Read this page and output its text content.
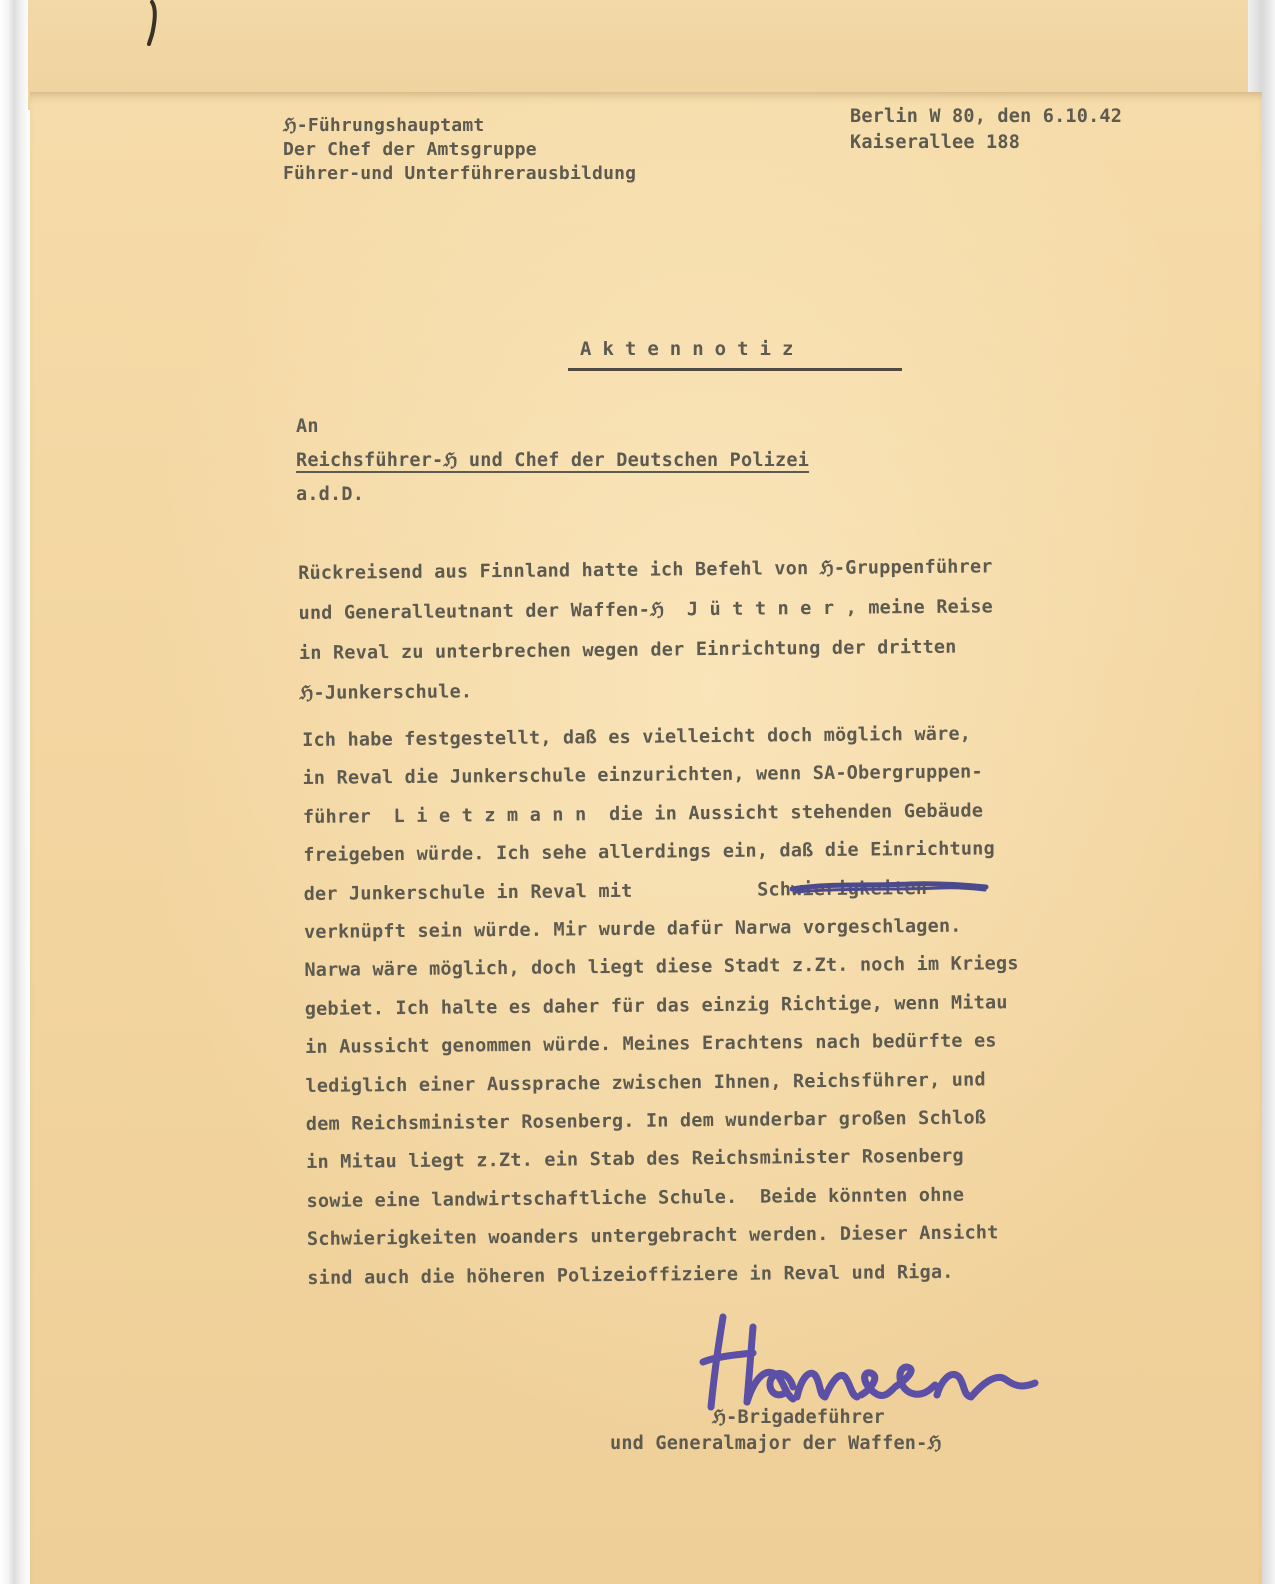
ℌ-Führungshauptamt
Der Chef der Amtsgruppe
Führer-und Unterführerausbildung
Berlin W 80, den 6.10.42
Kaiserallee 188
Aktennotiz
An
Reichsführer-ℌ und Chef der Deutschen Polizei
a.d.D.
Rückreisend aus Finnland hatte ich Befehl von ℌ-Gruppenführer
und Generalleutnant der Waffen-ℌ  J ü t t n e r , meine Reise
in Reval zu unterbrechen wegen der Einrichtung der dritten
ℌ-Junkerschule.
Ich habe festgestellt, daß es vielleicht doch möglich wäre,
in Reval die Junkerschule einzurichten, wenn SA-Obergruppen-
führer  L i e t z m a n n  die in Aussicht stehenden Gebäude
freigeben würde. Ich sehe allerdings ein, daß die Einrichtung
der Junkerschule in Reval mit           Schwierigkeiten
verknüpft sein würde. Mir wurde dafür Narwa vorgeschlagen.
Narwa wäre möglich, doch liegt diese Stadt z.Zt. noch im Kriegs
gebiet. Ich halte es daher für das einzig Richtige, wenn Mitau
in Aussicht genommen würde. Meines Erachtens nach bedürfte es
lediglich einer Aussprache zwischen Ihnen, Reichsführer, und
dem Reichsminister Rosenberg. In dem wunderbar großen Schloß
in Mitau liegt z.Zt. ein Stab des Reichsminister Rosenberg
sowie eine landwirtschaftliche Schule.  Beide könnten ohne
Schwierigkeiten woanders untergebracht werden. Dieser Ansicht
sind auch die höheren Polizeioffiziere in Reval und Riga.
ℌ-Brigadeführer
und Generalmajor der Waffen-ℌ
